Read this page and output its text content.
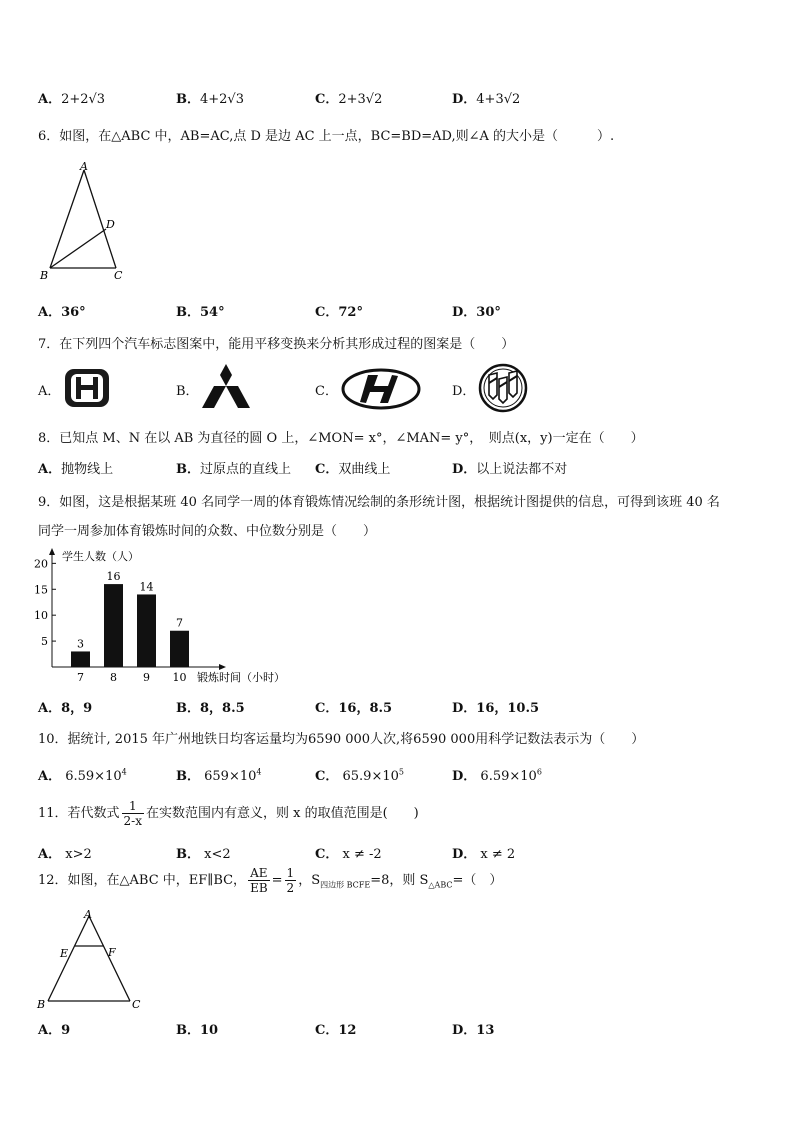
A．2+2√3	B．4+2√3	C．2+3√2	D．4+3√2
6．如图，在△ABC 中，AB=AC,点 D 是边 AC 上一点，BC=BD=AD,则∠A 的大小是（　　　）.
A
B	C
D
A．36°	B．54°	C．72°	D．30°
7．在下列四个汽车标志图案中，能用平移变换来分析其形成过程的图案是（　　）
A．	B．	C．	D．
8．已知点 M、N 在以 AB 为直径的圆 O 上，∠MON= x°，∠MAN= y°，　则点(x，y)一定在（　　）
A．抛物线上	B．过原点的直线上 C．双曲线上	D．以上说法都不对
9．如图，这是根据某班 40 名同学一周的体育锻炼情况绘制的条形统计图，根据统计图提供的信息，可得到该班 40 名
同学一周参加体育锻炼时间的众数、中位数分别是（　　）
学生人数（人）
锻炼时间（小时）
5
10
15
20
3
7
16
8
14
9
7
10
A．8，9	B．8，8.5	C．16，8.5	D．16，10.5
10．据统计, 2015 年广州地铁日均客运量均为6590 000人次,将6590 000用科学记数法表示为（　　）
A． $6.59\times 10^4$	B． $659\times 10^4$	C． $65.9\times 10^5$	D． $6.59\times 10^6$
11．若代数式 $\frac{1}{2-x}$ 在实数范围内有意义，则 x 的取值范围是(　　)
A． x>2	B． x<2	C． x ≠ -2	D． x ≠ 2
12．如图，在△ABC 中，EF∥BC， $\frac{AE}{EB} = \frac{1}{2}$ ，$S_{四边形 BCFE}=8$，则 $S_{\triangle ABC}=$（　）
A
E	F
B	C
A．9	B．10	C．12	D．13
